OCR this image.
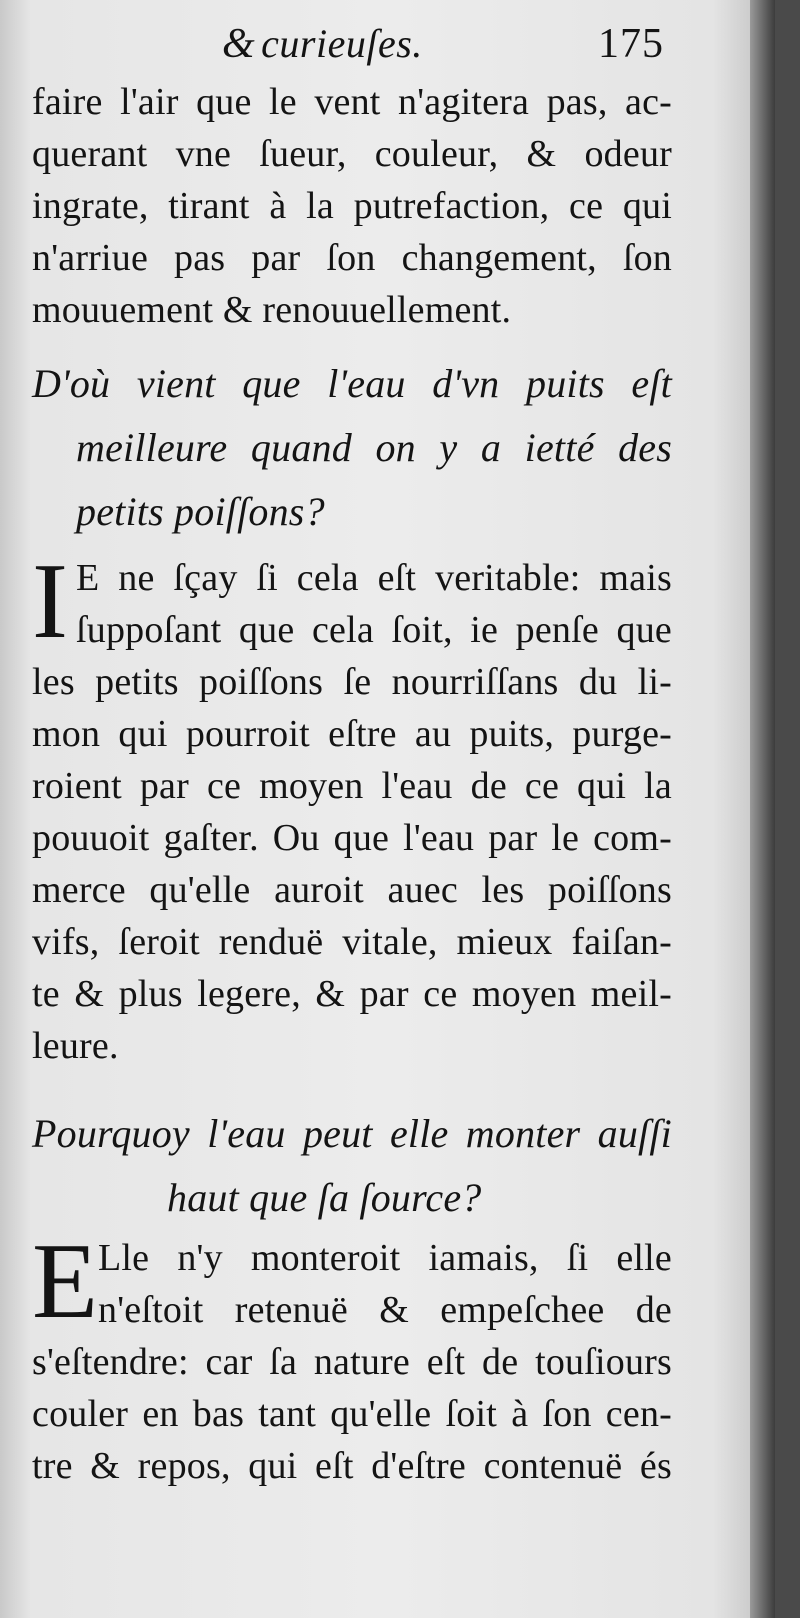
& curieuſes.	175
faire l'air que le vent n'agitera pas, ac-
querant vne ſueur, couleur, & odeur
ingrate, tirant à la putrefaction, ce qui
n'arriue pas par ſon changement, ſon
mouuement & renouuellement.
D'où vient que l'eau d'vn puits eſt
meilleure quand on y a ietté des
petits poiſſons?
I E ne ſçay ſi cela eſt veritable: mais
ſuppoſant que cela ſoit, ie penſe que
les petits poiſſons ſe nourriſſans du li-
mon qui pourroit eſtre au puits, purge-
roient par ce moyen l'eau de ce qui la
pouuoit gaſter. Ou que l'eau par le com-
merce qu'elle auroit auec les poiſſons
vifs, ſeroit renduë vitale, mieux faiſan-
te & plus legere, & par ce moyen meil-
leure.
Pourquoy l'eau peut elle monter auſſi
haut que ſa ſource?
E Lle n'y monteroit iamais, ſi elle
n'eſtoit retenuë & empeſchee de
s'eſtendre: car ſa nature eſt de touſiours
couler en bas tant qu'elle ſoit à ſon cen-
tre & repos, qui eſt d'eſtre contenuë és
